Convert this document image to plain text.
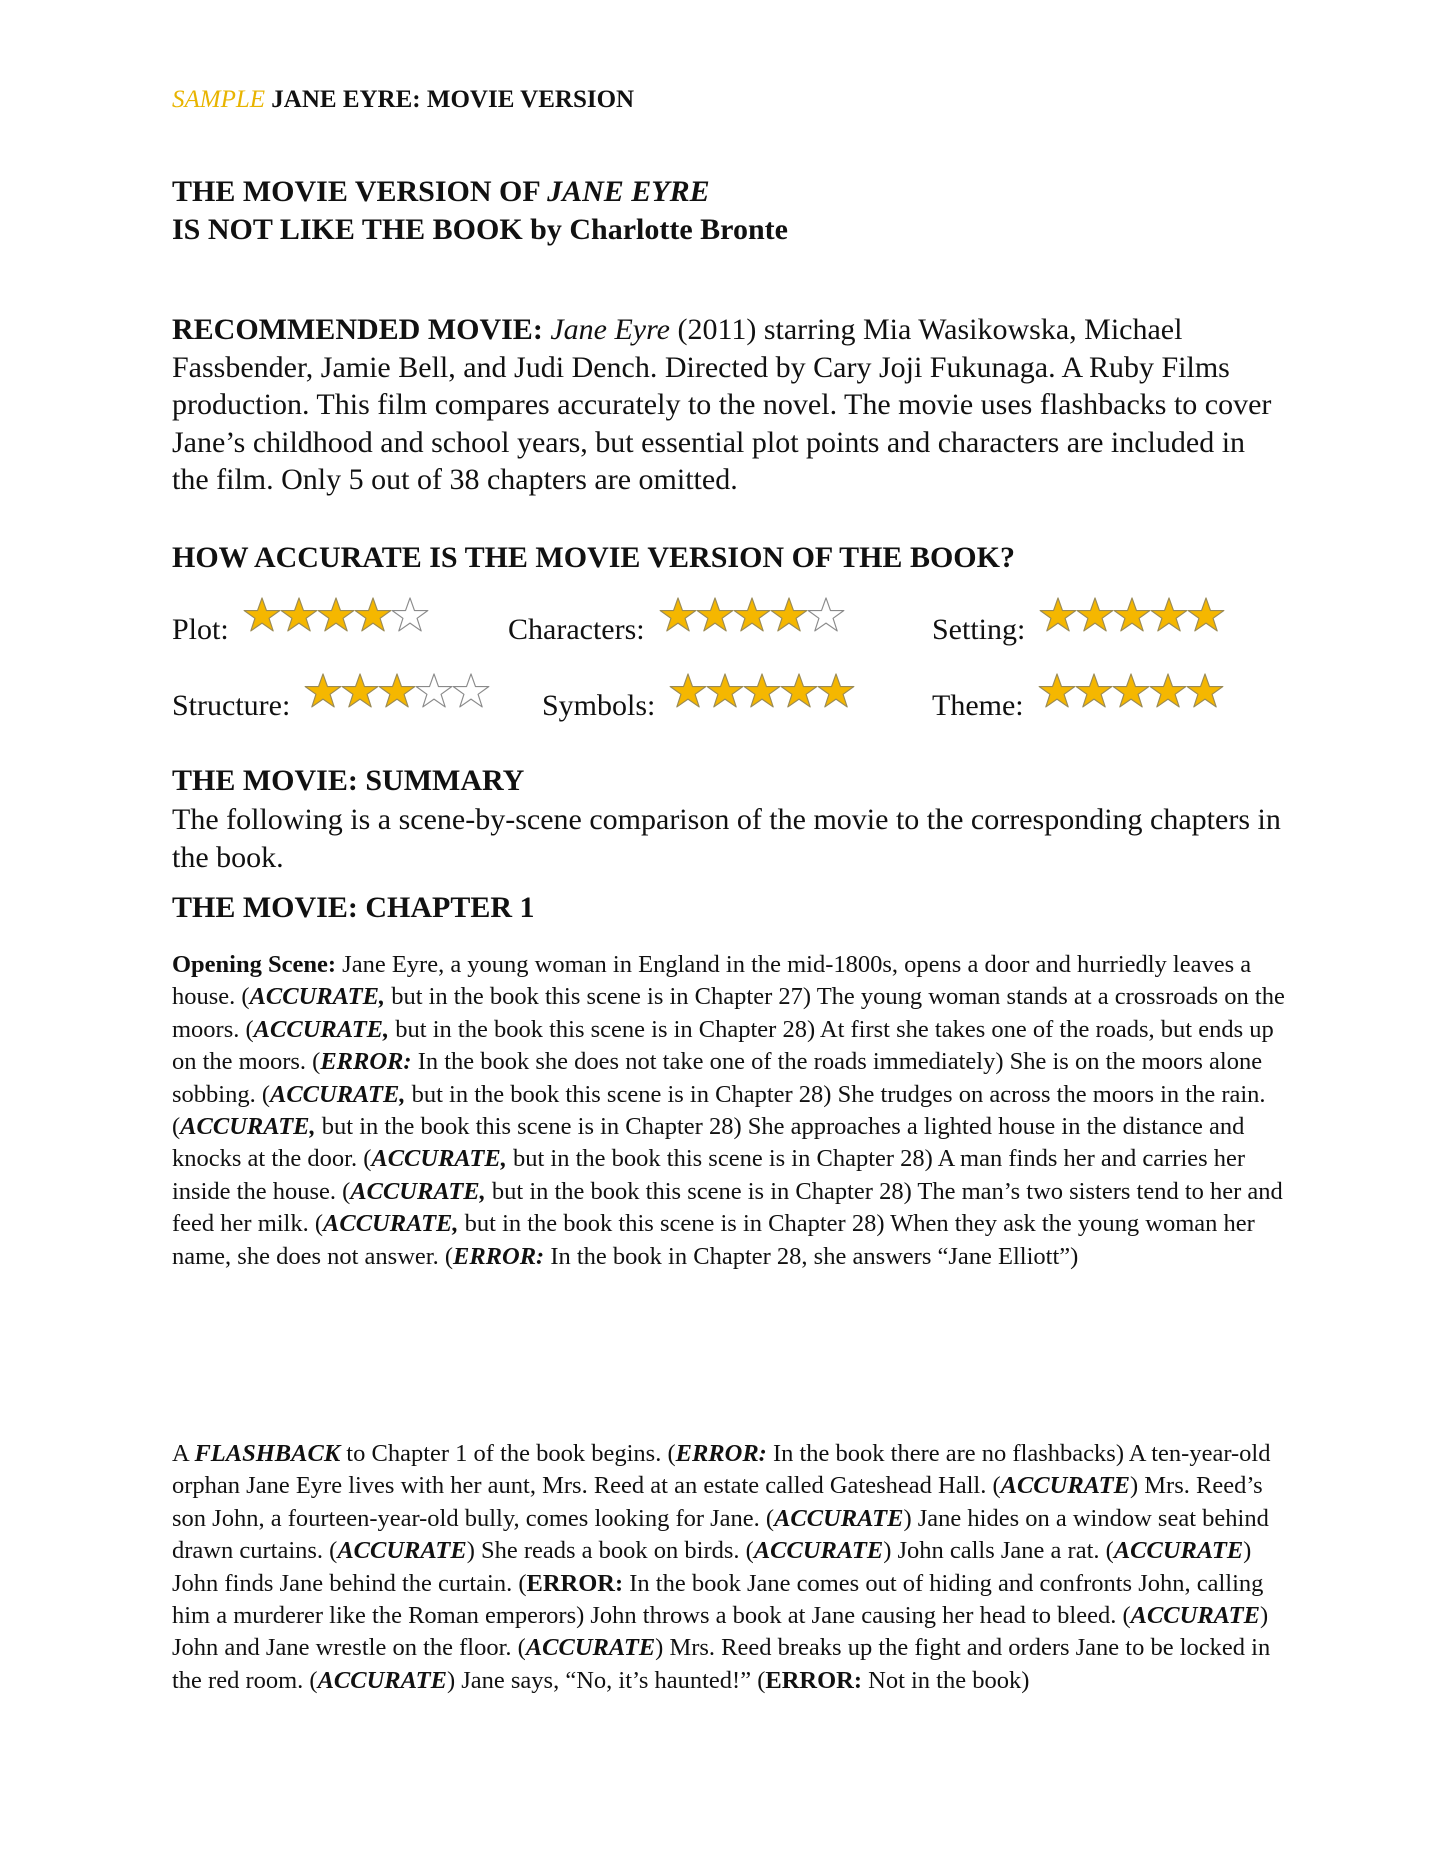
SAMPLE JANE EYRE: MOVIE VERSION

THE MOVIE VERSION OF JANE EYRE

IS NOT LIKE THE BOOK by Charlotte Bronte

RECOMMENDED MOVIE: Jane Eyre (2011) starring Mia Wasikowska, Michael Fassbender, Jamie Bell, and Judi Dench. Directed by Cary Joji Fukunaga. A Ruby Films production. This film compares accurately to the novel. The movie uses flashbacks to cover Jane’s childhood and school years, but essential plot points and characters are included in the film. Only 5 out of 38 chapters are omitted.

HOW ACCURATE IS THE MOVIE VERSION OF THE BOOK?

Plot:	Characters:	Setting:
Structure:	Symbols:	Theme:

THE MOVIE: SUMMARY

The following is a scene-by-scene comparison of the movie to the corresponding chapters in the book.

THE MOVIE: CHAPTER 1

Opening Scene: Jane Eyre, a young woman in England in the mid-1800s, opens a door and hurriedly leaves a house. (ACCURATE, but in the book this scene is in Chapter 27) The young woman stands at a crossroads on the moors. (ACCURATE, but in the book this scene is in Chapter 28) At first she takes one of the roads, but ends up on the moors. (ERROR: In the book she does not take one of the roads immediately) She is on the moors alone sobbing. (ACCURATE, but in the book this scene is in Chapter 28) She trudges on across the moors in the rain. (ACCURATE, but in the book this scene is in Chapter 28) She approaches a lighted house in the distance and knocks at the door. (ACCURATE, but in the book this scene is in Chapter 28) A man finds her and carries her inside the house. (ACCURATE, but in the book this scene is in Chapter 28) The man’s two sisters tend to her and feed her milk. (ACCURATE, but in the book this scene is in Chapter 28) When they ask the young woman her name, she does not answer. (ERROR: In the book in Chapter 28, she answers “Jane Elliott”)

A FLASHBACK to Chapter 1 of the book begins. (ERROR: In the book there are no flashbacks) A ten-year-old orphan Jane Eyre lives with her aunt, Mrs. Reed at an estate called Gateshead Hall. (ACCURATE) Mrs. Reed’s son John, a fourteen-year-old bully, comes looking for Jane. (ACCURATE) Jane hides on a window seat behind drawn curtains. (ACCURATE) She reads a book on birds. (ACCURATE) John calls Jane a rat. (ACCURATE) John finds Jane behind the curtain. (ERROR: In the book Jane comes out of hiding and confronts John, calling him a murderer like the Roman emperors) John throws a book at Jane causing her head to bleed. (ACCURATE) John and Jane wrestle on the floor. (ACCURATE) Mrs. Reed breaks up the fight and orders Jane to be locked in the red room. (ACCURATE) Jane says, “No, it’s haunted!” (ERROR: Not in the book)
